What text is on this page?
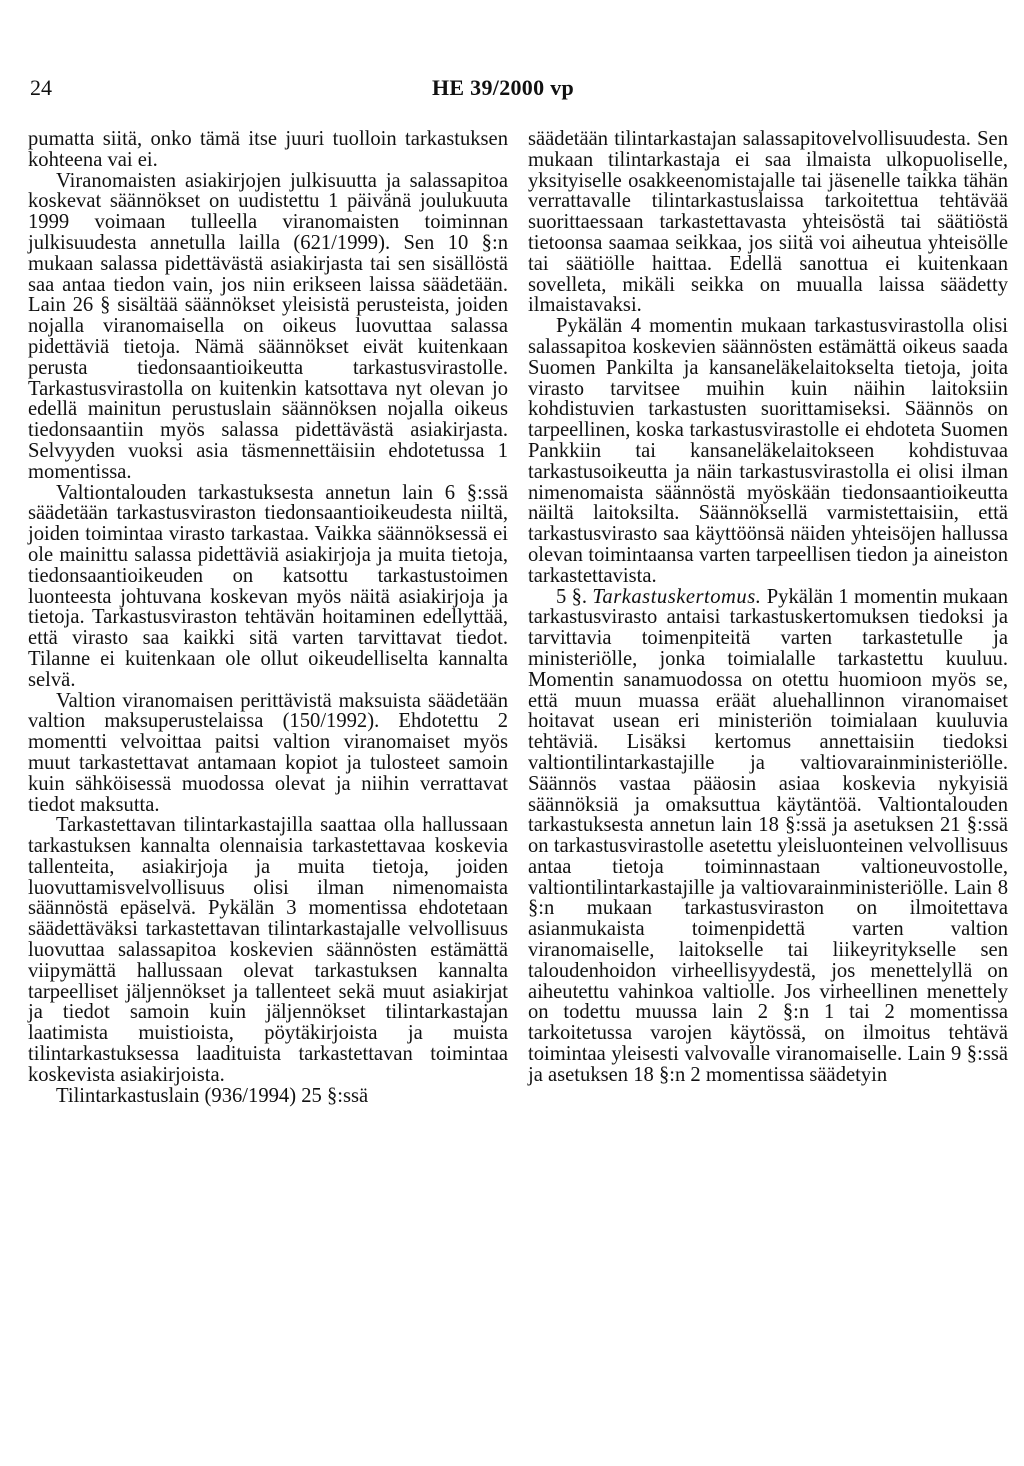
24	HE 39/2000 vp

pumatta siitä, onko tämä itse juuri tuolloin tarkastuksen kohteena vai ei.

Viranomaisten asiakirjojen julkisuutta ja salassapitoa koskevat säännökset on uudistettu 1 päivänä joulukuuta 1999 voimaan tulleella viranomaisten toiminnan julkisuudesta annetulla lailla (621/1999). Sen 10 §:n mukaan salassa pidettävästä asiakirjasta tai sen sisällöstä saa antaa tiedon vain, jos niin erikseen laissa säädetään. Lain 26 § sisältää säännökset yleisistä perusteista, joiden nojalla viranomaisella on oikeus luovuttaa salassa pidettäviä tietoja. Nämä säännökset eivät kuitenkaan perusta tiedonsaantioikeutta tarkastusvirastolle. Tarkastusvirastolla on kuitenkin katsottava nyt olevan jo edellä mainitun perustuslain säännöksen nojalla oikeus tiedonsaantiin myös salassa pidettävästä asiakirjasta. Selvyyden vuoksi asia täsmennettäisiin ehdotetussa 1 momentissa.

Valtiontalouden tarkastuksesta annetun lain 6 §:ssä säädetään tarkastusviraston tiedonsaantioikeudesta niiltä, joiden toimintaa virasto tarkastaa. Vaikka säännöksessä ei ole mainittu salassa pidettäviä asiakirjoja ja muita tietoja, tiedonsaantioikeuden on katsottu tarkastustoimen luonteesta johtuvana koskevan myös näitä asiakirjoja ja tietoja. Tarkastusviraston tehtävän hoitaminen edellyttää, että virasto saa kaikki sitä varten tarvittavat tiedot. Tilanne ei kuitenkaan ole ollut oikeudelliselta kannalta selvä.

Valtion viranomaisen perittävistä maksuista säädetään valtion maksuperustelaissa (150/1992). Ehdotettu 2 momentti velvoittaa paitsi valtion viranomaiset myös muut tarkastettavat antamaan kopiot ja tulosteet samoin kuin sähköisessä muodossa olevat ja niihin verrattavat tiedot maksutta.

Tarkastettavan tilintarkastajilla saattaa olla hallussaan tarkastuksen kannalta olennaisia tarkastettavaa koskevia tallenteita, asiakirjoja ja muita tietoja, joiden luovuttamisvelvollisuus olisi ilman nimenomaista säännöstä epäselvä. Pykälän 3 momentissa ehdotetaan säädettäväksi tarkastettavan tilintarkastajalle velvollisuus luovuttaa salassapitoa koskevien säännösten estämättä viipymättä hallussaan olevat tarkastuksen kannalta tarpeelliset jäljennökset ja tallenteet sekä muut asiakirjat ja tiedot samoin kuin jäljennökset tilintarkastajan laatimista muistioista, pöytäkirjoista ja muista tilintarkastuksessa laadituista tarkastettavan toimintaa koskevista asiakirjoista.

Tilintarkastuslain (936/1994) 25 §:ssä

säädetään tilintarkastajan salassapitovelvollisuudesta. Sen mukaan tilintarkastaja ei saa ilmaista ulkopuoliselle, yksityiselle osakkeenomistajalle tai jäsenelle taikka tähän verrattavalle tilintarkastuslaissa tarkoitettua tehtävää suorittaessaan tarkastettavasta yhteisöstä tai säätiöstä tietoonsa saamaa seikkaa, jos siitä voi aiheutua yhteisölle tai säätiölle haittaa. Edellä sanottua ei kuitenkaan sovelleta, mikäli seikka on muualla laissa säädetty ilmaistavaksi.

Pykälän 4 momentin mukaan tarkastusvirastolla olisi salassapitoa koskevien säännösten estämättä oikeus saada Suomen Pankilta ja kansaneläkelaitokselta tietoja, joita virasto tarvitsee muihin kuin näihin laitoksiin kohdistuvien tarkastusten suorittamiseksi. Säännös on tarpeellinen, koska tarkastusvirastolle ei ehdoteta Suomen Pankkiin tai kansaneläkelaitokseen kohdistuvaa tarkastusoikeutta ja näin tarkastusvirastolla ei olisi ilman nimenomaista säännöstä myöskään tiedonsaantioikeutta näiltä laitoksilta. Säännöksellä varmistettaisiin, että tarkastusvirasto saa käyttöönsä näiden yhteisöjen hallussa olevan toimintaansa varten tarpeellisen tiedon ja aineiston tarkastettavista.

5 §. Tarkastuskertomus. Pykälän 1 momentin mukaan tarkastusvirasto antaisi tarkastuskertomuksen tiedoksi ja tarvittavia toimenpiteitä varten tarkastetulle ja ministeriölle, jonka toimialalle tarkastettu kuuluu. Momentin sanamuodossa on otettu huomioon myös se, että muun muassa eräät aluehallinnon viranomaiset hoitavat usean eri ministeriön toimialaan kuuluvia tehtäviä. Lisäksi kertomus annettaisiin tiedoksi valtiontilintarkastajille ja valtiovarainministeriölle. Säännös vastaa pääosin asiaa koskevia nykyisiä säännöksiä ja omaksuttua käytäntöä. Valtiontalouden tarkastuksesta annetun lain 18 §:ssä ja asetuksen 21 §:ssä on tarkastusvirastolle asetettu yleisluonteinen velvollisuus antaa tietoja toiminnastaan valtioneuvostolle, valtiontilintarkastajille ja valtiovarainministeriölle. Lain 8 §:n mukaan tarkastusviraston on ilmoitettava asianmukaista toimenpidettä varten valtion viranomaiselle, laitokselle tai liikeyritykselle sen taloudenhoidon virheellisyydestä, jos menettelyllä on aiheutettu vahinkoa valtiolle. Jos virheellinen menettely on todettu muussa lain 2 §:n 1 tai 2 momentissa tarkoitetussa varojen käytössä, on ilmoitus tehtävä toimintaa yleisesti valvovalle viranomaiselle. Lain 9 §:ssä ja asetuksen 18 §:n 2 momentissa säädetyin
